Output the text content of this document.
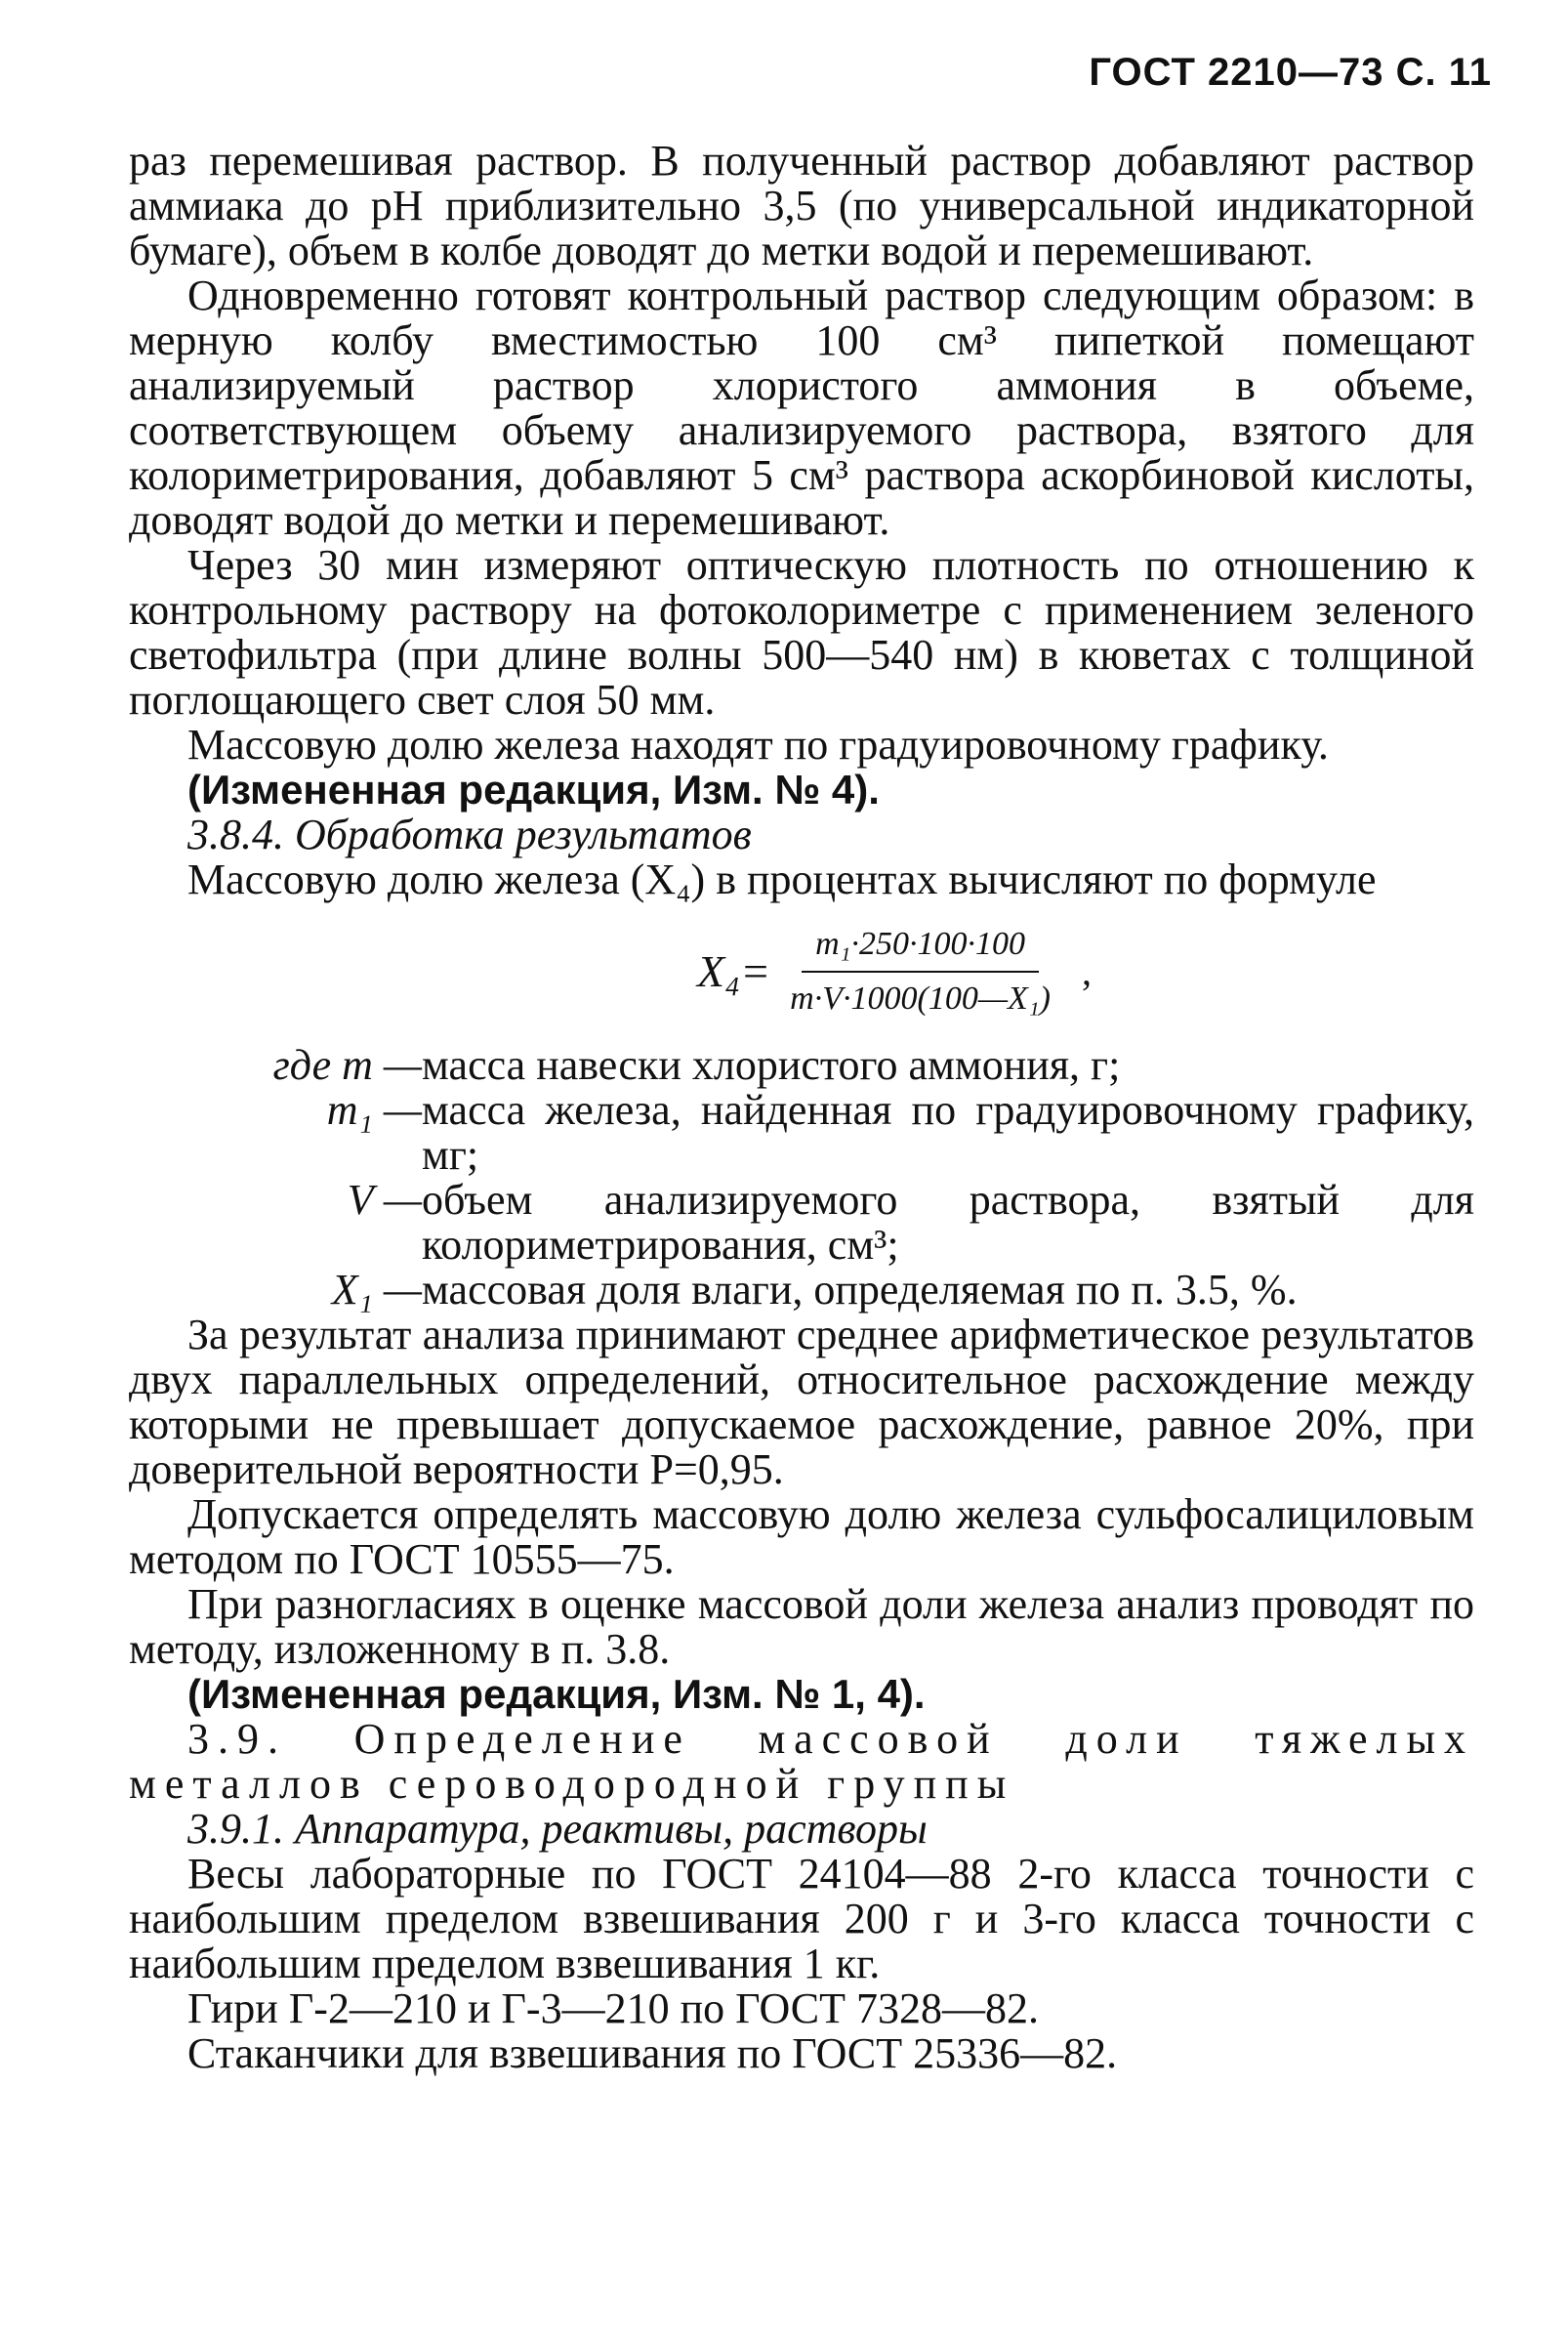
ГОСТ 2210—73 С. 11

раз перемешивая раствор. В полученный раствор добавляют раствор аммиака до pH приблизительно 3,5 (по универсальной индикаторной бумаге), объем в колбе доводят до метки водой и перемешивают.

Одновременно готовят контрольный раствор следующим образом: в мерную колбу вместимостью 100 см³ пипеткой помещают анализируемый раствор хлористого аммония в объеме, соответствующем объему анализируемого раствора, взятого для колориметрирования, добавляют 5 см³ раствора аскорбиновой кислоты, доводят водой до метки и перемешивают.

Через 30 мин измеряют оптическую плотность по отношению к контрольному раствору на фотоколориметре с применением зеленого светофильтра (при длине волны 500—540 нм) в кюветах с толщиной поглощающего свет слоя 50 мм.

Массовую долю железа находят по градуировочному графику.

(Измененная редакция, Изм. № 4).

3.8.4. Обработка результатов

Массовую долю железа (X₄) в процентах вычисляют по формуле

$X_4= \frac{\text{m₁·250·100·100}}{\text{m·V·1000(100—X₁)}}$ ,
где m — масса навески хлористого аммония, г;
m₁ — масса железа, найденная по градуировочному графику, мг;
V — объем анализируемого раствора, взятый для колориметрирования, см³;
X₁ — массовая доля влаги, определяемая по п. 3.5, %.

За результат анализа принимают среднее арифметическое результатов двух параллельных определений, относительное расхождение между которыми не превышает допускаемое расхождение, равное 20%, при доверительной вероятности P=0,95.

Допускается определять массовую долю железа сульфосалициловым методом по ГОСТ 10555—75.

При разногласиях в оценке массовой доли железа анализ проводят по методу, изложенному в п. 3.8.

(Измененная редакция, Изм. № 1, 4).

3.9. Определение массовой доли тяжелых металлов сероводородной группы

3.9.1. Аппаратура, реактивы, растворы

Весы лабораторные по ГОСТ 24104—88 2-го класса точности с наибольшим пределом взвешивания 200 г и 3-го класса точности с наибольшим пределом взвешивания 1 кг.

Гири Г-2—210 и Г-3—210 по ГОСТ 7328—82.

Стаканчики для взвешивания по ГОСТ 25336—82.
